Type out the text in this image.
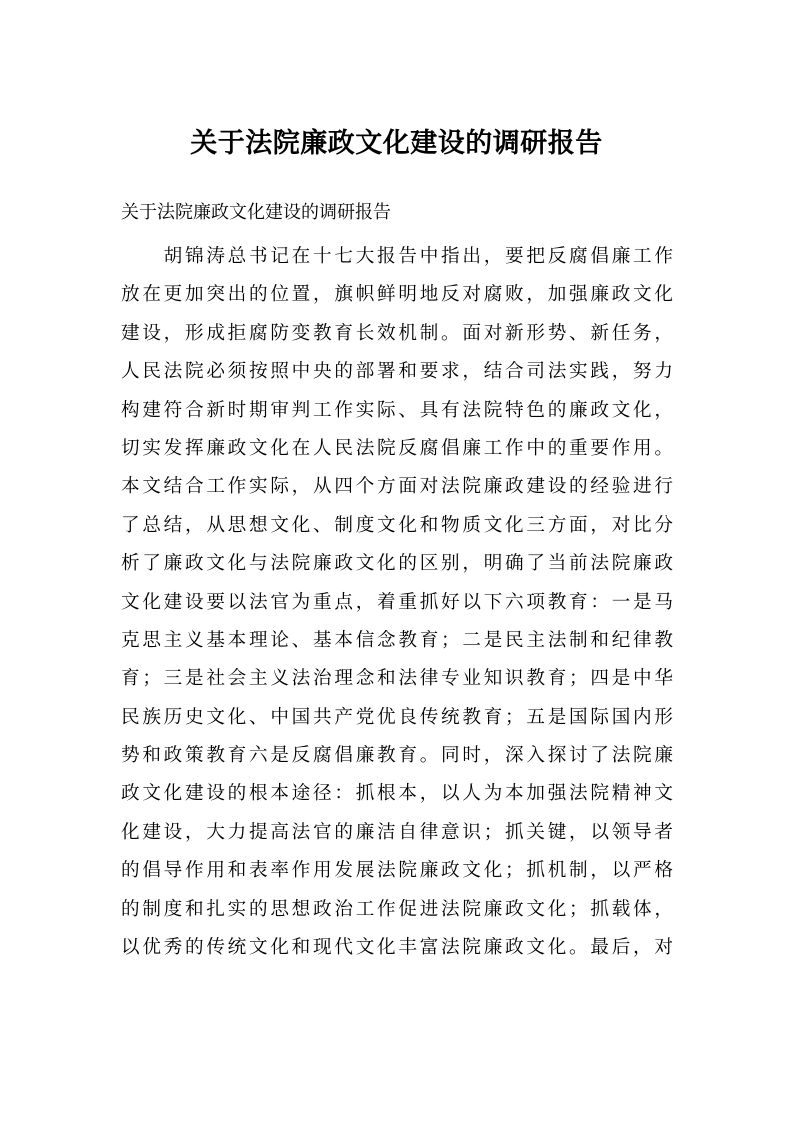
关于法院廉政文化建设的调研报告

关于法院廉政文化建设的调研报告

　　胡锦涛总书记在十七大报告中指出，要把反腐倡廉工作
放在更加突出的位置，旗帜鲜明地反对腐败，加强廉政文化
建设，形成拒腐防变教育长效机制。面对新形势、新任务，
人民法院必须按照中央的部署和要求，结合司法实践，努力
构建符合新时期审判工作实际、具有法院特色的廉政文化，
切实发挥廉政文化在人民法院反腐倡廉工作中的重要作用。
本文结合工作实际，从四个方面对法院廉政建设的经验进行
了总结，从思想文化、制度文化和物质文化三方面，对比分
析了廉政文化与法院廉政文化的区别，明确了当前法院廉政
文化建设要以法官为重点，着重抓好以下六项教育：一是马
克思主义基本理论、基本信念教育；二是民主法制和纪律教
育；三是社会主义法治理念和法律专业知识教育；四是中华
民族历史文化、中国共产党优良传统教育；五是国际国内形
势和政策教育六是反腐倡廉教育。同时，深入探讨了法院廉
政文化建设的根本途径：抓根本，以人为本加强法院精神文
化建设，大力提高法官的廉洁自律意识；抓关键，以领导者
的倡导作用和表率作用发展法院廉政文化；抓机制，以严格
的制度和扎实的思想政治工作促进法院廉政文化；抓载体，
以优秀的传统文化和现代文化丰富法院廉政文化。最后，对
